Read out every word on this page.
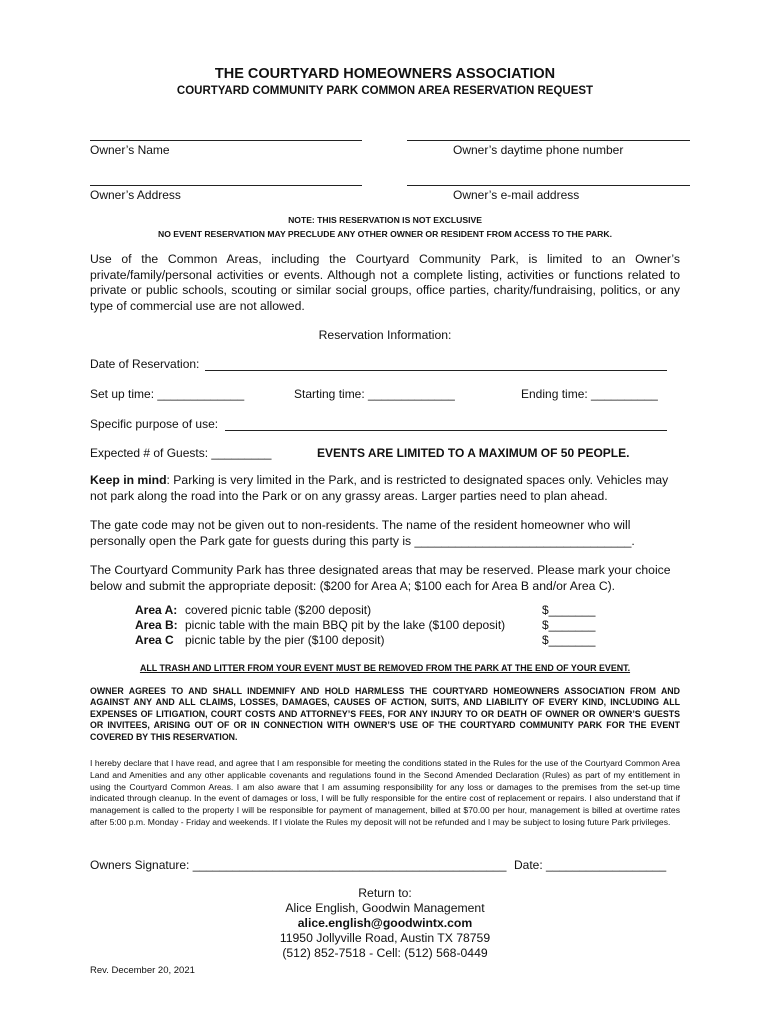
THE COURTYARD HOMEOWNERS ASSOCIATION
COURTYARD COMMUNITY PARK COMMON AREA RESERVATION REQUEST
Owner’s Name	Owner’s daytime phone number
Owner’s Address	Owner’s e-mail address
NOTE: THIS RESERVATION IS NOT EXCLUSIVE
NO EVENT RESERVATION MAY PRECLUDE ANY OTHER OWNER OR RESIDENT FROM ACCESS TO THE PARK.
Use of the Common Areas, including the Courtyard Community Park, is limited to an Owner’s private/family/personal activities or events. Although not a complete listing, activities or functions related to private or public schools, scouting or similar social groups, office parties, charity/fundraising, politics, or any type of commercial use are not allowed.
Reservation Information:
Date of Reservation:
Set up time: _____________	Starting time: _____________	Ending time: __________
Specific purpose of use:
Expected # of Guests: _________	EVENTS ARE LIMITED TO A MAXIMUM OF 50 PEOPLE.
Keep in mind: Parking is very limited in the Park, and is restricted to designated spaces only. Vehicles may not park along the road into the Park or on any grassy areas. Larger parties need to plan ahead.
The gate code may not be given out to non-residents. The name of the resident homeowner who will personally open the Park gate for guests during this party is ________________________________.
The Courtyard Community Park has three designated areas that may be reserved. Please mark your choice below and submit the appropriate deposit: ($200 for Area A; $100 each for Area B and/or Area C).
Area A: covered picnic table ($200 deposit)	$_______
Area B: picnic table with the main BBQ pit by the lake ($100 deposit)	$_______
Area C picnic table by the pier ($100 deposit)	$_______
ALL TRASH AND LITTER FROM YOUR EVENT MUST BE REMOVED FROM THE PARK AT THE END OF YOUR EVENT.
OWNER AGREES TO AND SHALL INDEMNIFY AND HOLD HARMLESS THE COURTYARD HOMEOWNERS ASSOCIATION FROM AND AGAINST ANY AND ALL CLAIMS, LOSSES, DAMAGES, CAUSES OF ACTION, SUITS, AND LIABILITY OF EVERY KIND, INCLUDING ALL EXPENSES OF LITIGATION, COURT COSTS AND ATTORNEY’S FEES, FOR ANY INJURY TO OR DEATH OF OWNER OR OWNER’S GUESTS OR INVITEES, ARISING OUT OF OR IN CONNECTION WITH OWNER’S USE OF THE COURTYARD COMMUNITY PARK FOR THE EVENT COVERED BY THIS RESERVATION.
I hereby declare that I have read, and agree that I am responsible for meeting the conditions stated in the Rules for the use of the Courtyard Common Area Land and Amenities and any other applicable covenants and regulations found in the Second Amended Declaration (Rules) as part of my entitlement in using the Courtyard Common Areas. I am also aware that I am assuming responsibility for any loss or damages to the premises from the set-up time indicated through cleanup. In the event of damages or loss, I will be fully responsible for the entire cost of replacement or repairs. I also understand that if management is called to the property I will be responsible for payment of management, billed at $70.00 per hour, management is billed at overtime rates after 5:00 p.m. Monday - Friday and weekends. If I violate the Rules my deposit will not be refunded and I may be subject to losing future Park privileges.
Owners Signature: _______________________________________________ Date: __________________
Return to:
Alice English, Goodwin Management
alice.english@goodwintx.com
11950 Jollyville Road, Austin TX 78759
(512) 852-7518 - Cell: (512) 568-0449
Rev. December 20, 2021
